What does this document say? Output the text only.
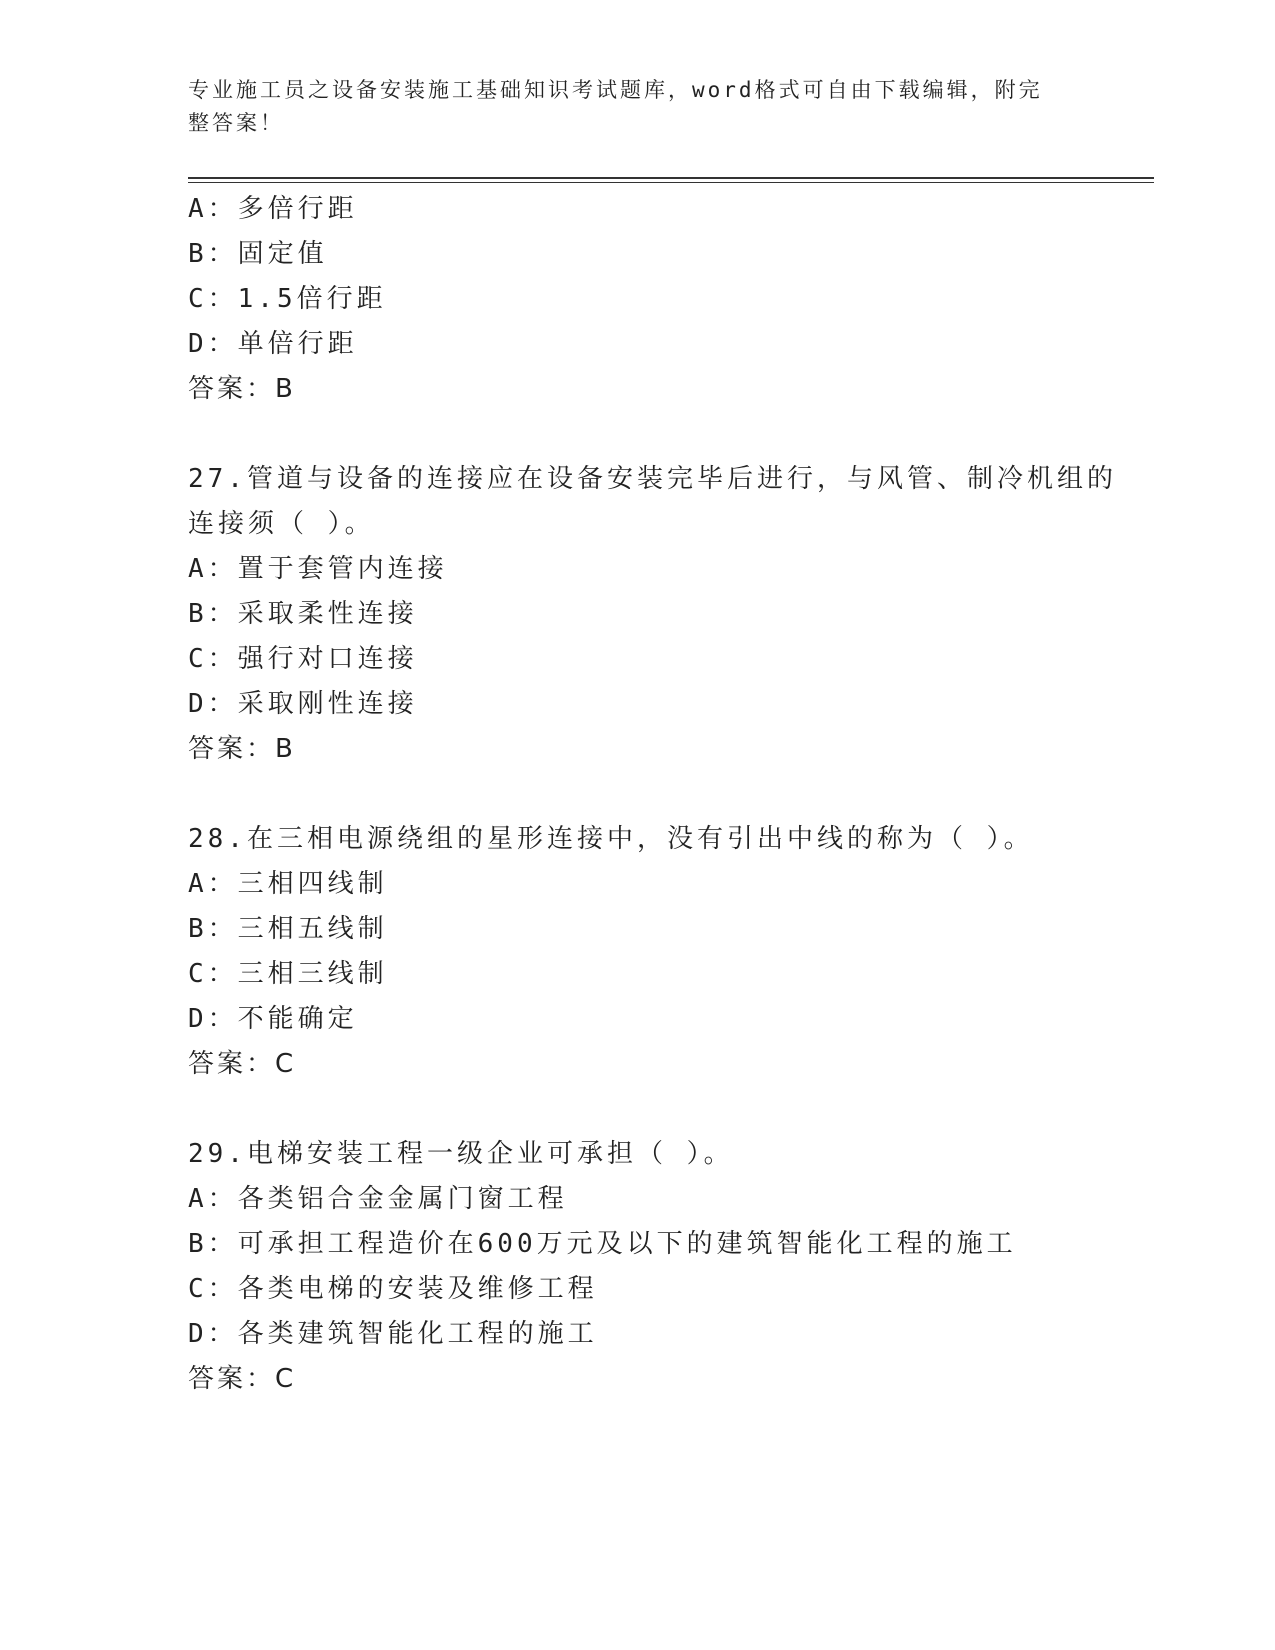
专业施工员之设备安装施工基础知识考试题库，word格式可自由下载编辑，附完
整答案！
A：多倍行距
B：固定值
C：1.5倍行距
D：单倍行距
答案：B
27.管道与设备的连接应在设备安装完毕后进行，与风管、制冷机组的
连接须（ ）。
A：置于套管内连接
B：采取柔性连接
C：强行对口连接
D：采取刚性连接
答案：B
28.在三相电源绕组的星形连接中，没有引出中线的称为（ ）。
A：三相四线制
B：三相五线制
C：三相三线制
D：不能确定
答案：C
29.电梯安装工程一级企业可承担（ ）。
A：各类铝合金金属门窗工程
B：可承担工程造价在600万元及以下的建筑智能化工程的施工
C：各类电梯的安装及维修工程
D：各类建筑智能化工程的施工
答案：C
